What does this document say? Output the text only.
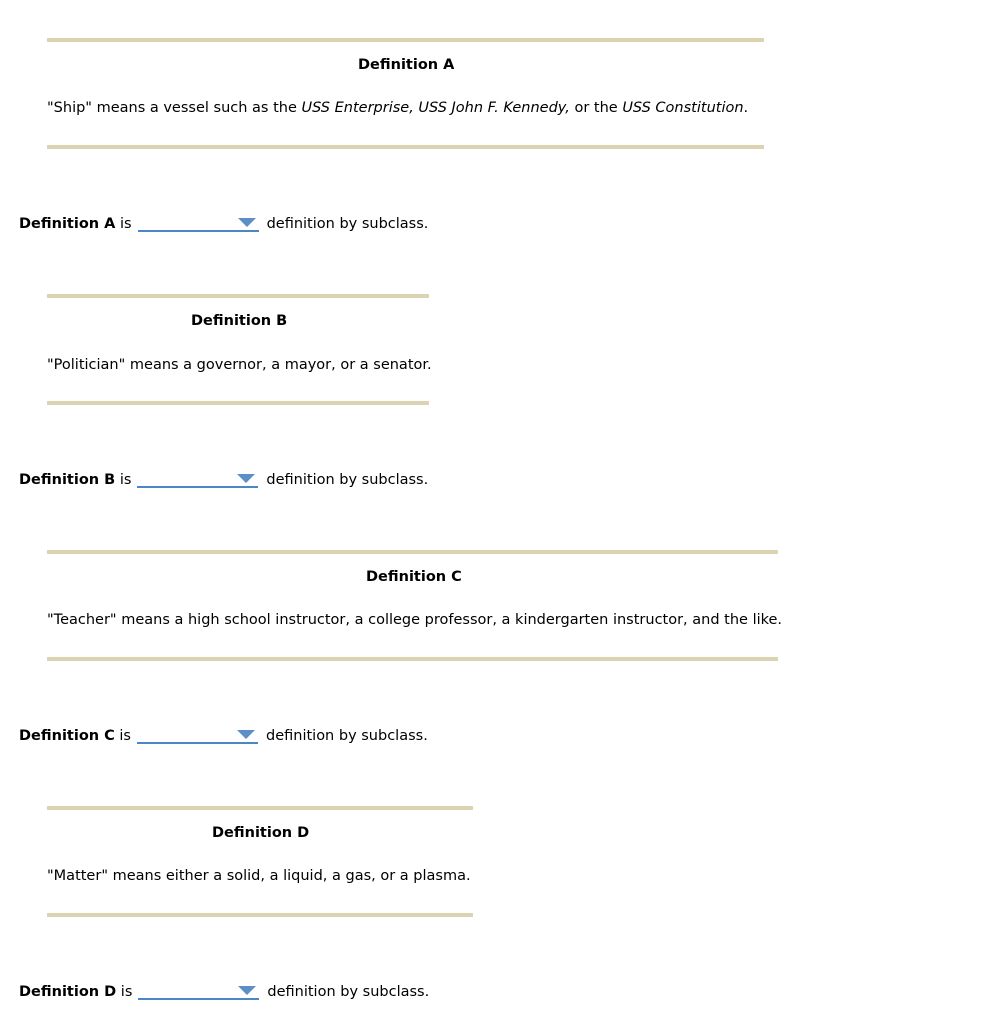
Definition A
"Ship" means a vessel such as the USS Enterprise, USS John F. Kennedy, or the USS Constitution.
Definition A
is	definition by subclass.
Definition B
"Politician" means a governor, a mayor, or a senator.
Definition B
is	definition by subclass.
Definition C
"Teacher" means a high school instructor, a college professor, a kindergarten instructor, and the like.
Definition C
is	definition by subclass.
Definition D
"Matter" means either a solid, a liquid, a gas, or a plasma.
Definition D
is	definition by subclass.
